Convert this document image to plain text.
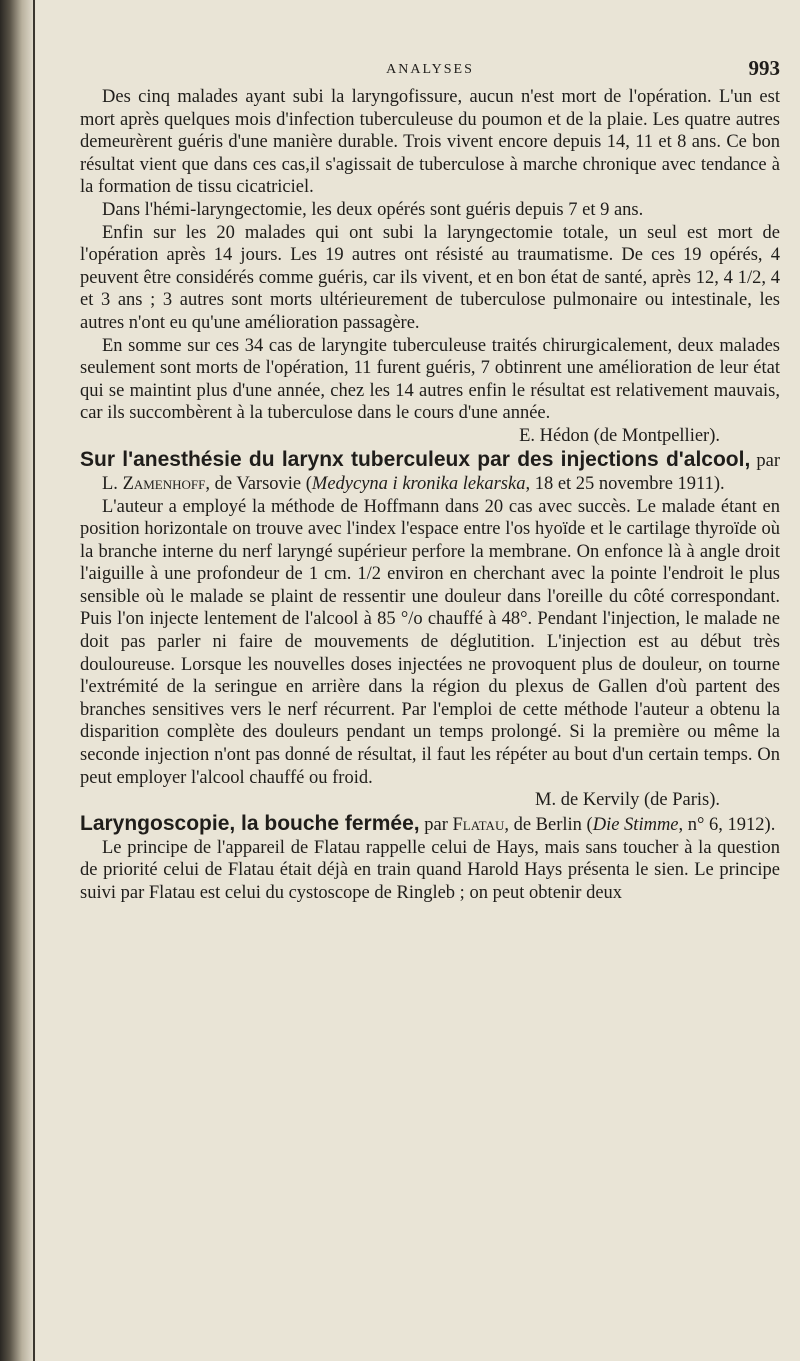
ANALYSES	993

Des cinq malades ayant subi la laryngofissure, aucun n'est mort de l'opération. L'un est mort après quelques mois d'infection tuberculeuse du poumon et de la plaie. Les quatre autres demeurèrent guéris d'une manière durable. Trois vivent encore depuis 14, 11 et 8 ans. Ce bon résultat vient que dans ces cas,il s'agissait de tuberculose à marche chronique avec tendance à la formation de tissu cicatriciel.

Dans l'hémi-laryngectomie, les deux opérés sont guéris depuis 7 et 9 ans.

Enfin sur les 20 malades qui ont subi la laryngectomie totale, un seul est mort de l'opération après 14 jours. Les 19 autres ont résisté au traumatisme. De ces 19 opérés, 4 peuvent être considérés comme guéris, car ils vivent, et en bon état de santé, après 12, 4 1/2, 4 et 3 ans ; 3 autres sont morts ultérieurement de tuberculose pulmonaire ou intestinale, les autres n'ont eu qu'une amélioration passagère.

En somme sur ces 34 cas de laryngite tuberculeuse traités chirurgicalement, deux malades seulement sont morts de l'opération, 11 furent guéris, 7 obtinrent une amélioration de leur état qui se maintint plus d'une année, chez les 14 autres enfin le résultat est relativement mauvais, car ils succombèrent à la tuberculose dans le cours d'une année.
E. Hédon (de Montpellier).

Sur l'anesthésie du larynx tuberculeux par des injections d'alcool, par L. Zamenhoff, de Varsovie (Medycyna i kronika lekarska, 18 et 25 novembre 1911).

L'auteur a employé la méthode de Hoffmann dans 20 cas avec succès. Le malade étant en position horizontale on trouve avec l'index l'espace entre l'os hyoïde et le cartilage thyroïde où la branche interne du nerf laryngé supérieur perfore la membrane. On enfonce là à angle droit l'aiguille à une profondeur de 1 cm. 1/2 environ en cherchant avec la pointe l'endroit le plus sensible où le malade se plaint de ressentir une douleur dans l'oreille du côté correspondant. Puis l'on injecte lentement de l'alcool à 85 °/o chauffé à 48°. Pendant l'injection, le malade ne doit pas parler ni faire de mouvements de déglutition. L'injection est au début très douloureuse. Lorsque les nouvelles doses injectées ne provoquent plus de douleur, on tourne l'extrémité de la seringue en arrière dans la région du plexus de Gallen d'où partent des branches sensitives vers le nerf récurrent. Par l'emploi de cette méthode l'auteur a obtenu la disparition complète des douleurs pendant un temps prolongé. Si la première ou même la seconde injection n'ont pas donné de résultat, il faut les répéter au bout d'un certain temps. On peut employer l'alcool chauffé ou froid.
M. de Kervily (de Paris).

Laryngoscopie, la bouche fermée, par Flatau, de Berlin (Die Stimme, n° 6, 1912).

Le principe de l'appareil de Flatau rappelle celui de Hays, mais sans toucher à la question de priorité celui de Flatau était déjà en train quand Harold Hays présenta le sien. Le principe suivi par Flatau est celui du cystoscope de Ringleb ; on peut obtenir deux
